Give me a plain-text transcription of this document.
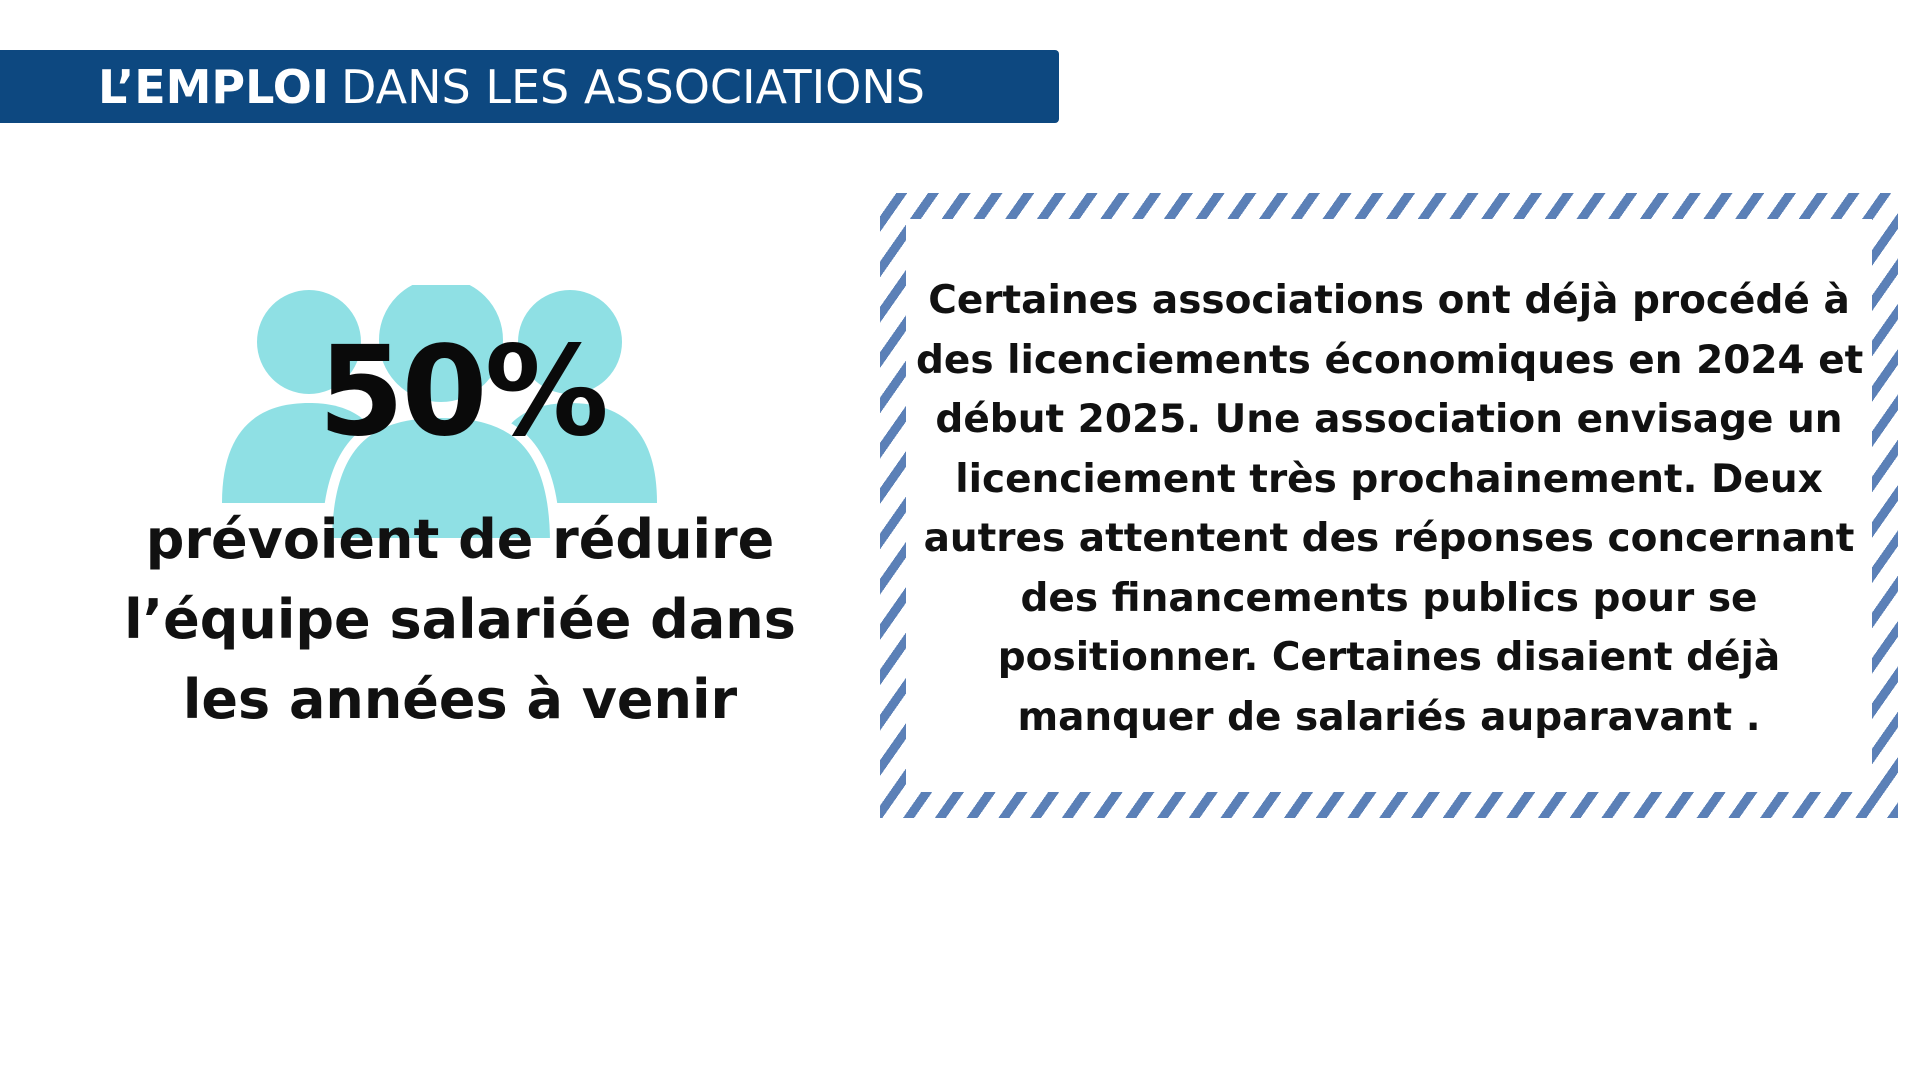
L’EMPLOI DANS LES ASSOCIATIONS
50%
prévoient de réduire
l’équipe salariée dans
les années à venir
Certaines associations ont déjà procédé à
des licenciements économiques en 2024 et
début 2025. Une association envisage un
licenciement très prochainement. Deux
autres attentent des réponses concernant
des financements publics pour se
positionner. Certaines disaient déjà
manquer de salariés auparavant .
